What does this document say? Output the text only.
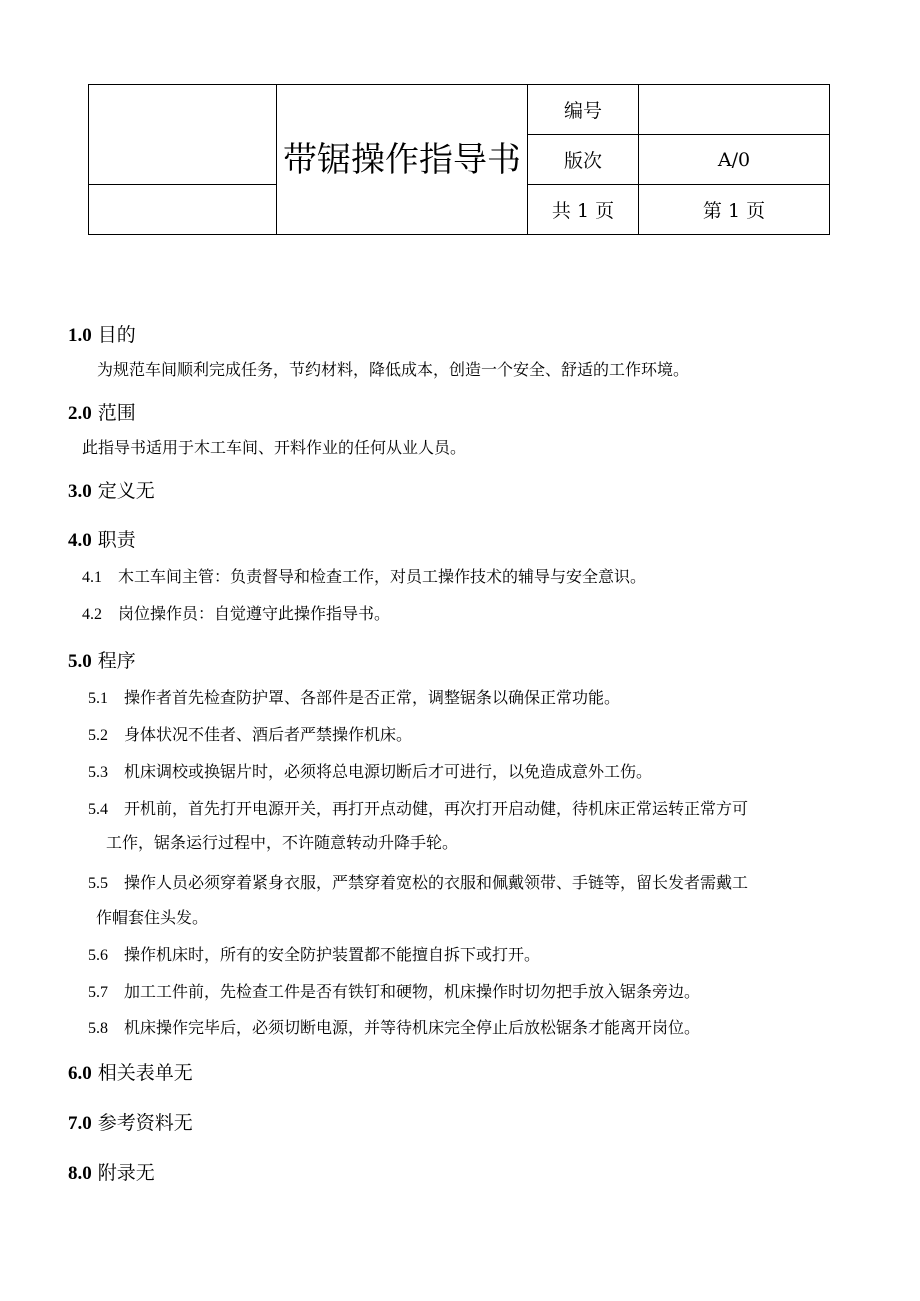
	带锯操作指导书	编号	
		版次	A/0
		共 1 页	第 1 页
1.0 目的
为规范车间顺利完成任务，节约材料，降低成本，创造一个安全、舒适的工作环境。
2.0 范围
此指导书适用于木工车间、开料作业的任何从业人员。
3.0 定义无
4.0 职责
4.1 木工车间主管：负责督导和检查工作，对员工操作技术的辅导与安全意识。
4.2 岗位操作员：自觉遵守此操作指导书。
5.0 程序
5.1 操作者首先检查防护罩、各部件是否正常，调整锯条以确保正常功能。
5.2 身体状况不佳者、酒后者严禁操作机床。
5.3 机床调校或换锯片时，必须将总电源切断后才可进行，以免造成意外工伤。
5.4 开机前，首先打开电源开关，再打开点动健，再次打开启动健，待机床正常运转正常方可
工作，锯条运行过程中，不许随意转动升降手轮。
5.5 操作人员必须穿着紧身衣服，严禁穿着宽松的衣服和佩戴领带、手链等，留长发者需戴工
作帽套住头发。
5.6 操作机床时，所有的安全防护装置都不能擅自拆下或打开。
5.7 加工工件前，先检查工件是否有铁钉和硬物，机床操作时切勿把手放入锯条旁边。
5.8 机床操作完毕后，必须切断电源，并等待机床完全停止后放松锯条才能离开岗位。
6.0 相关表单无
7.0 参考资料无
8.0 附录无
